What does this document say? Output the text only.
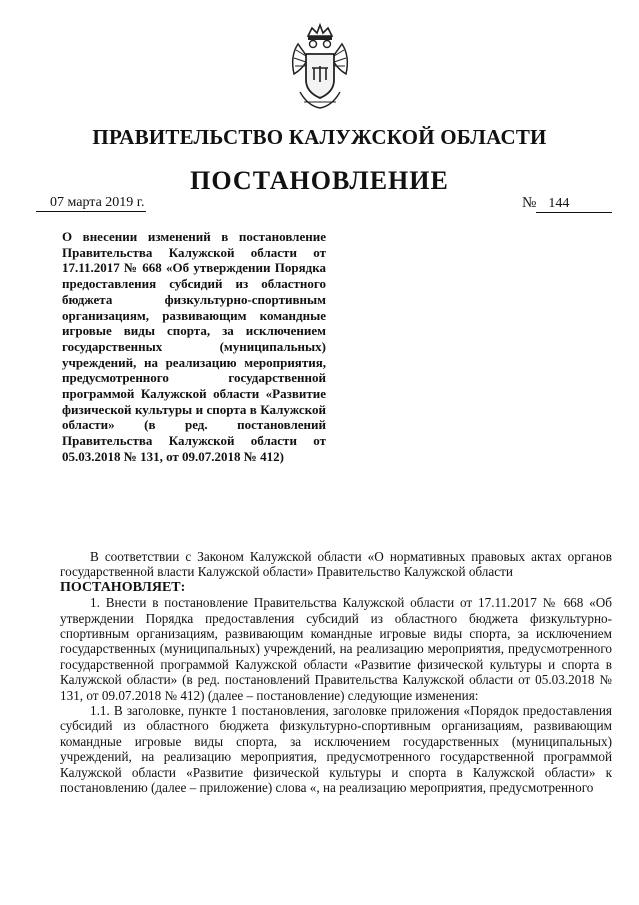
ПРАВИТЕЛЬСТВО КАЛУЖСКОЙ ОБЛАСТИ
ПОСТАНОВЛЕНИЕ
07 марта 2019 г.	№ 144

О внесении изменений в постановление Правительства Калужской области от 17.11.2017 № 668 «Об утверждении Порядка предоставления субсидий из областного бюджета физкультурно-спортивным организациям, развивающим командные игровые виды спорта, за исключением государственных (муниципальных) учреждений, на реализацию мероприятия, предусмотренного государственной программой Калужской области «Развитие физической культуры и спорта в Калужской области» (в ред. постановлений Правительства Калужской области от 05.03.2018 № 131, от 09.07.2018 № 412)

В соответствии с Законом Калужской области «О нормативных правовых актах органов государственной власти Калужской области» Правительство Калужской области

ПОСТАНОВЛЯЕТ:

1. Внести в постановление Правительства Калужской области от 17.11.2017 № 668 «Об утверждении Порядка предоставления субсидий из областного бюджета физкультурно-спортивным организациям, развивающим командные игровые виды спорта, за исключением государственных (муниципальных) учреждений, на реализацию мероприятия, предусмотренного государственной программой Калужской области «Развитие физической культуры и спорта в Калужской области» (в ред. постановлений Правительства Калужской области от 05.03.2018 № 131, от 09.07.2018 № 412) (далее – постановление) следующие изменения:

1.1. В заголовке, пункте 1 постановления, заголовке приложения «Порядок предоставления субсидий из областного бюджета физкультурно-спортивным организациям, развивающим командные игровые виды спорта, за исключением государственных (муниципальных) учреждений, на реализацию мероприятия, предусмотренного государственной программой Калужской области «Развитие физической культуры и спорта в Калужской области» к постановлению (далее – приложение) слова «, на реализацию мероприятия, предусмотренного
